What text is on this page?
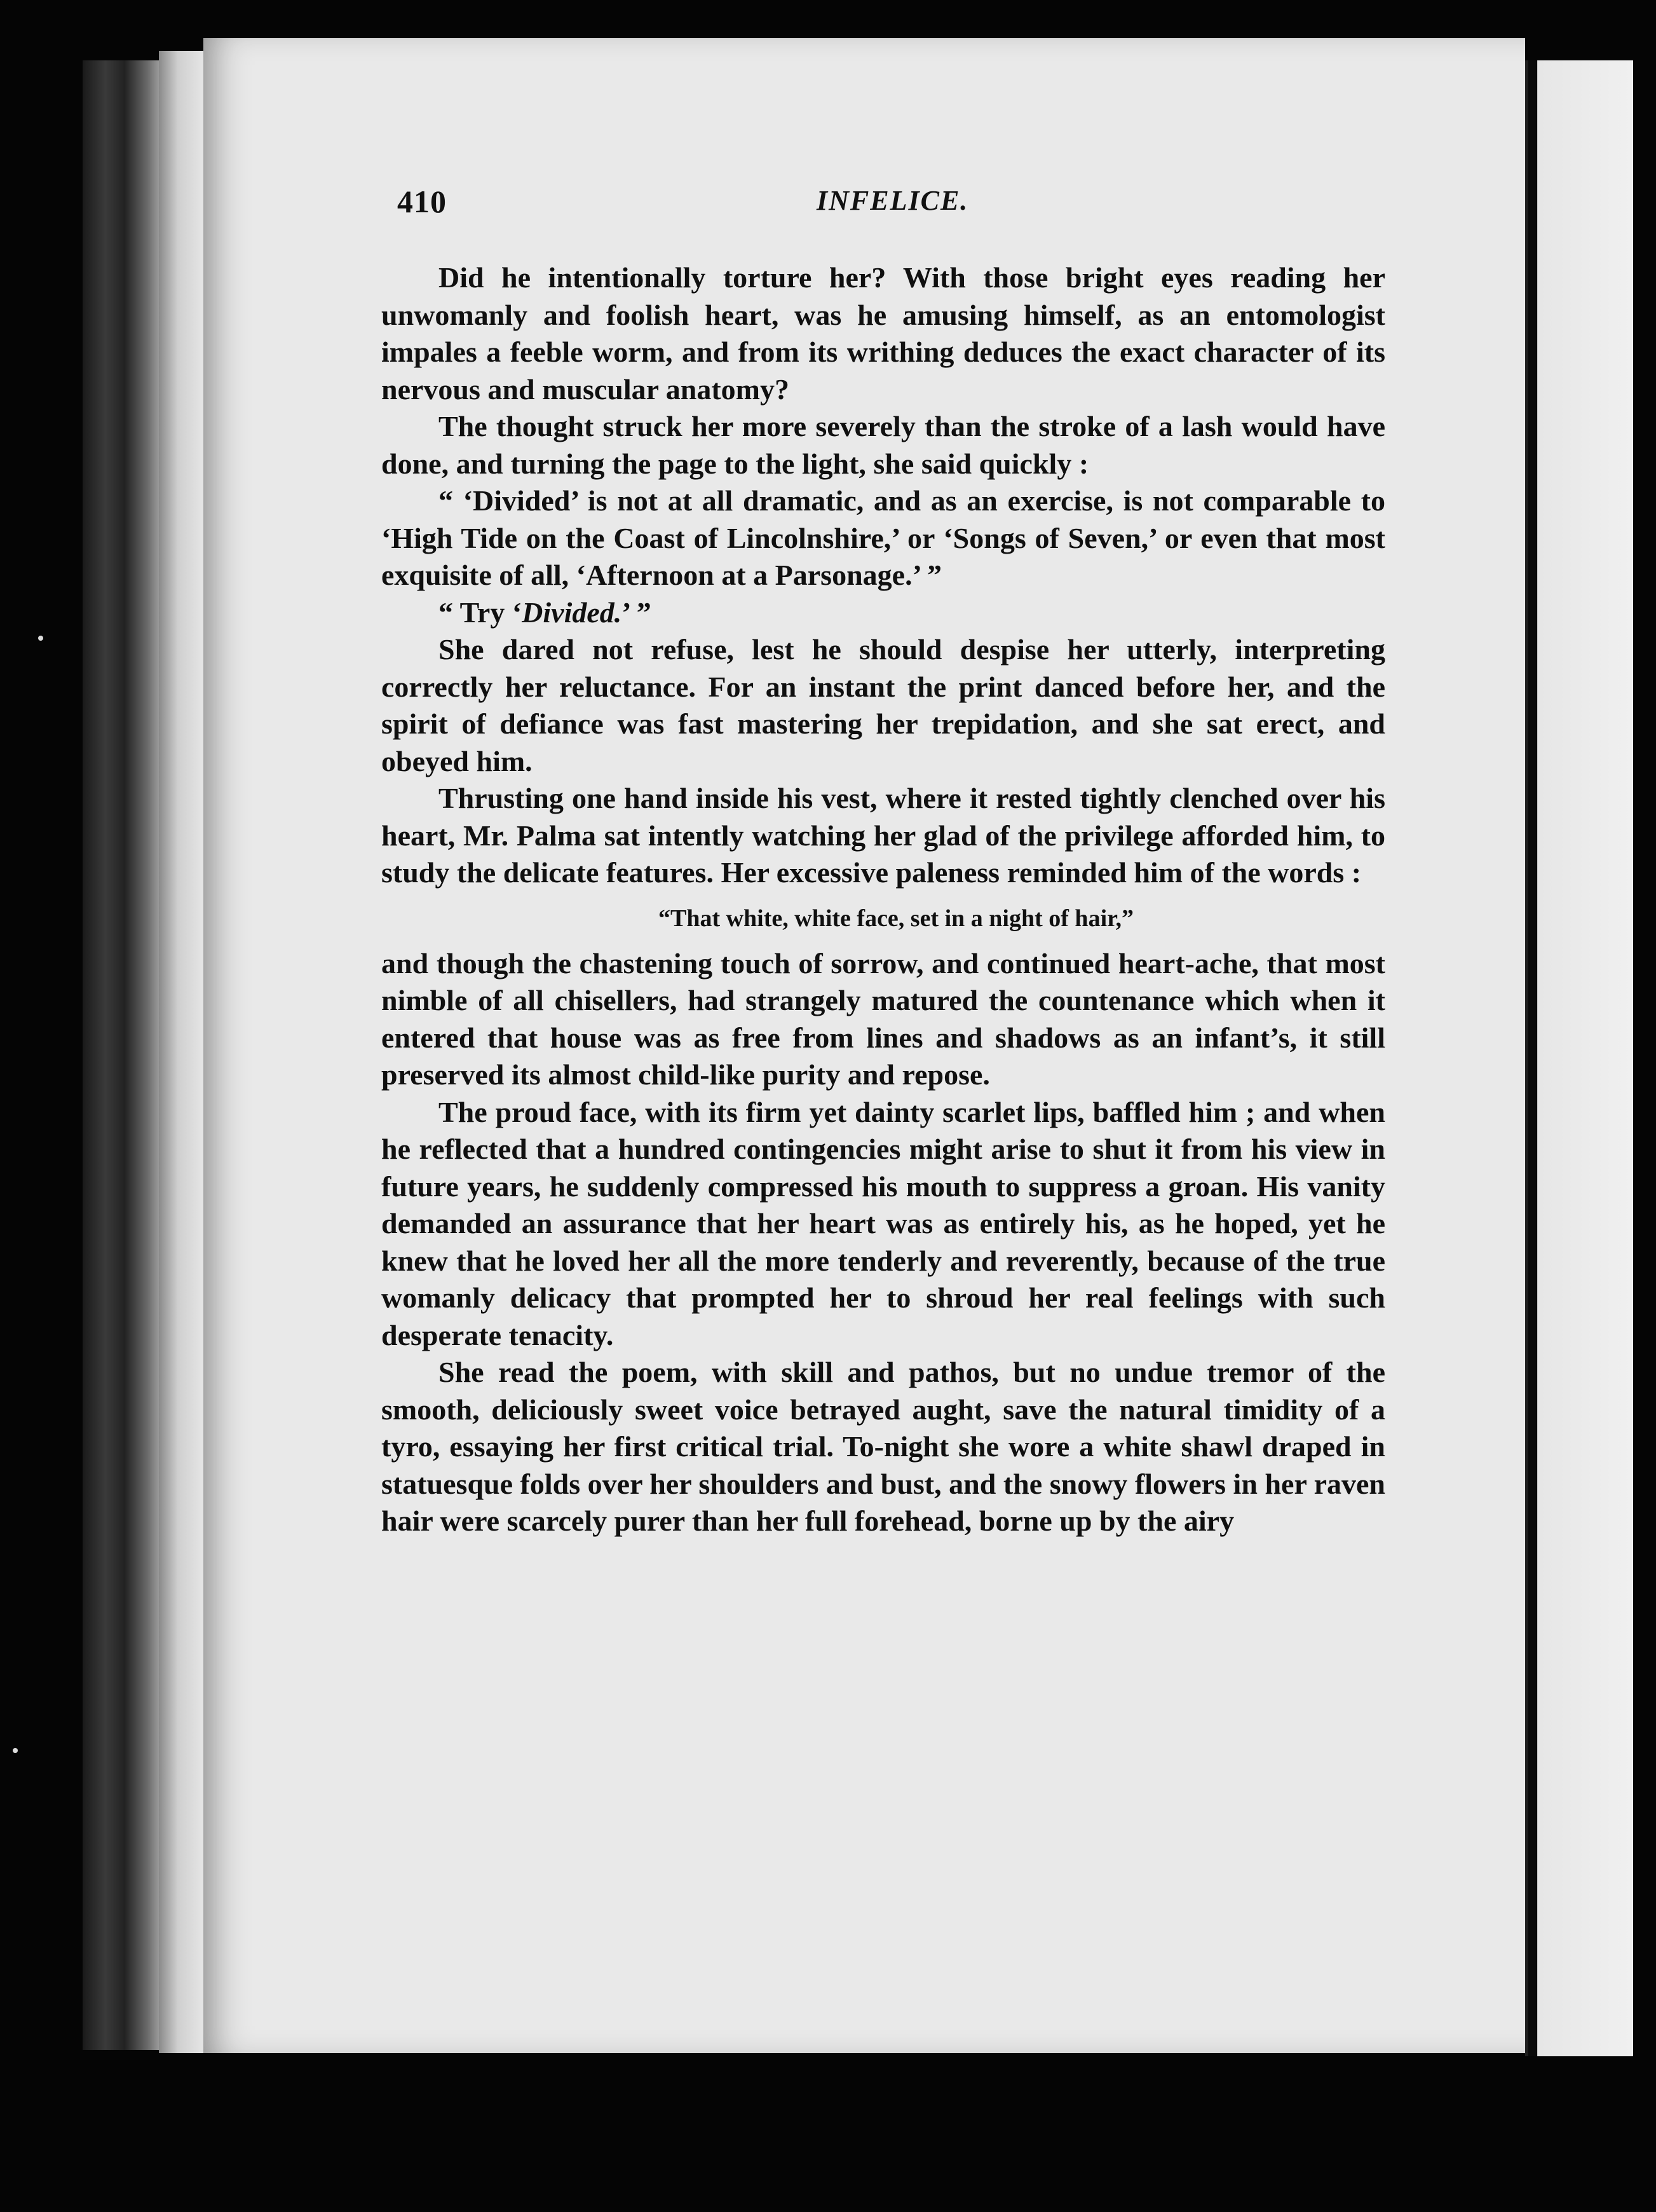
410	INFELICE.

Did he intentionally torture her? With those bright eyes reading her unwomanly and foolish heart, was he amusing himself, as an entomologist impales a feeble worm, and from its writhing deduces the exact character of its nervous and muscular anatomy?

The thought struck her more severely than the stroke of a lash would have done, and turning the page to the light, she said quickly :

“ ‘Divided’ is not at all dramatic, and as an exercise, is not comparable to ‘High Tide on the Coast of Lincolnshire,’ or ‘Songs of Seven,’ or even that most exquisite of all, ‘Afternoon at a Parsonage.’ ”

“ Try ‘Divided.’ ”

She dared not refuse, lest he should despise her utterly, interpreting correctly her reluctance. For an instant the print danced before her, and the spirit of defiance was fast mastering her trepidation, and she sat erect, and obeyed him.

Thrusting one hand inside his vest, where it rested tightly clenched over his heart, Mr. Palma sat intently watching her glad of the privilege afforded him, to study the delicate features. Her excessive paleness reminded him of the words :

“That white, white face, set in a night of hair,”

and though the chastening touch of sorrow, and continued heart-ache, that most nimble of all chisellers, had strangely matured the countenance which when it entered that house was as free from lines and shadows as an infant’s, it still preserved its almost child-like purity and repose.

The proud face, with its firm yet dainty scarlet lips, baffled him ; and when he reflected that a hundred contingencies might arise to shut it from his view in future years, he suddenly compressed his mouth to suppress a groan. His vanity demanded an assurance that her heart was as entirely his, as he hoped, yet he knew that he loved her all the more tenderly and reverently, because of the true womanly delicacy that prompted her to shroud her real feelings with such desperate tenacity.

She read the poem, with skill and pathos, but no undue tremor of the smooth, deliciously sweet voice betrayed aught, save the natural timidity of a tyro, essaying her first critical trial. To-night she wore a white shawl draped in statuesque folds over her shoulders and bust, and the snowy flowers in her raven hair were scarcely purer than her full forehead, borne up by the airy
